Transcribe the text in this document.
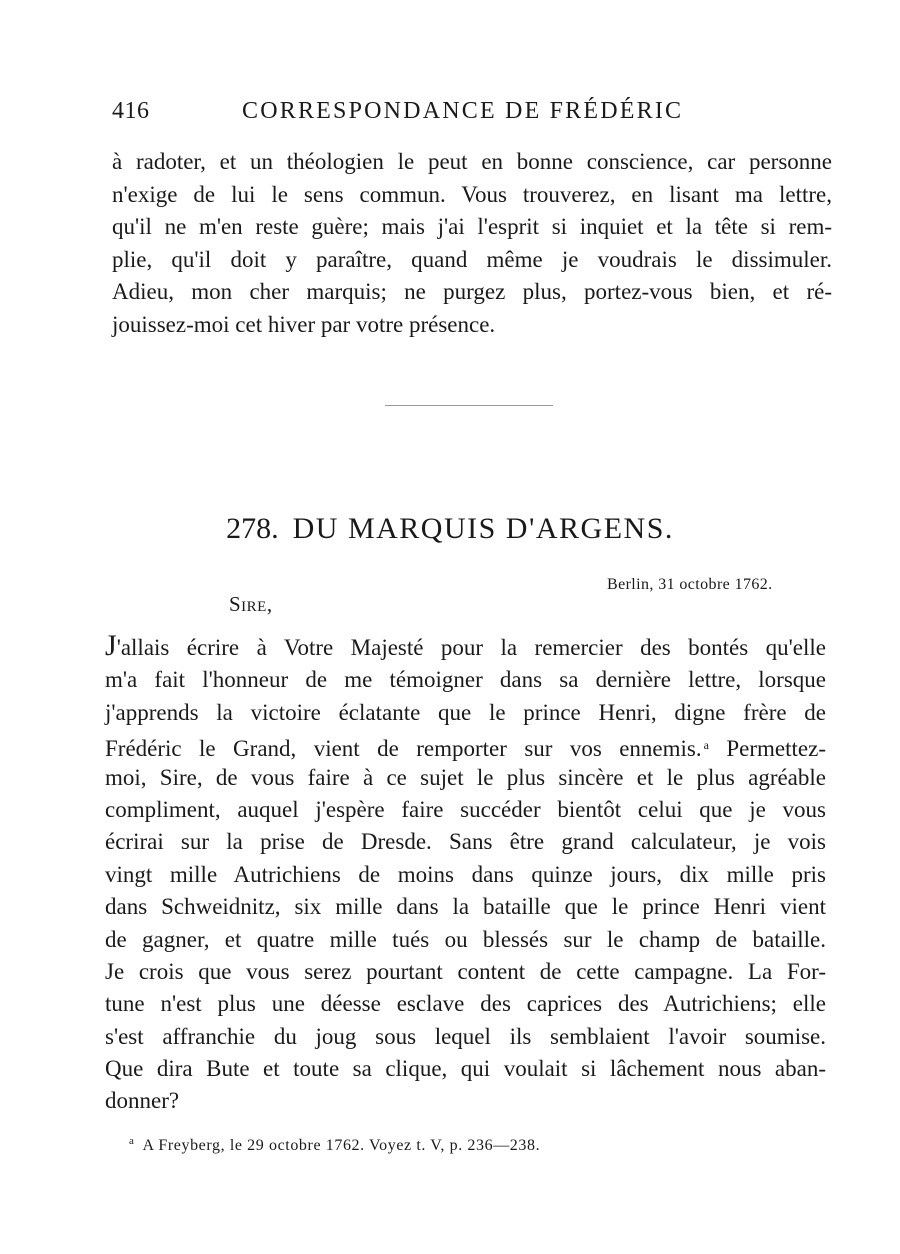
416	CORRESPONDANCE DE FRÉDÉRIC
à radoter, et un théologien le peut en bonne conscience, car personne
n'exige de lui le sens commun. Vous trouverez, en lisant ma lettre,
qu'il ne m'en reste guère; mais j'ai l'esprit si inquiet et la tête si rem-
plie, qu'il doit y paraître, quand même je voudrais le dissimuler.
Adieu, mon cher marquis; ne purgez plus, portez-vous bien, et ré-
jouissez-moi cet hiver par votre présence.
278. DU MARQUIS D'ARGENS.
Berlin, 31 octobre 1762.
Sire,
J'allais écrire à Votre Majesté pour la remercier des bontés qu'elle
m'a fait l'honneur de me témoigner dans sa dernière lettre, lorsque
j'apprends la victoire éclatante que le prince Henri, digne frère de
Frédéric le Grand, vient de remporter sur vos ennemis. $^a$ Permettez-
moi, Sire, de vous faire à ce sujet le plus sincère et le plus agréable
compliment, auquel j'espère faire succéder bientôt celui que je vous
écrirai sur la prise de Dresde. Sans être grand calculateur, je vois
vingt mille Autrichiens de moins dans quinze jours, dix mille pris
dans Schweidnitz, six mille dans la bataille que le prince Henri vient
de gagner, et quatre mille tués ou blessés sur le champ de bataille.
Je crois que vous serez pourtant content de cette campagne. La For-
tune n'est plus une déesse esclave des caprices des Autrichiens; elle
s'est affranchie du joug sous lequel ils semblaient l'avoir soumise.
Que dira Bute et toute sa clique, qui voulait si lâchement nous aban-
donner?
$^a$ A Freyberg, le 29 octobre 1762. Voyez t. V, p. 236—238.
